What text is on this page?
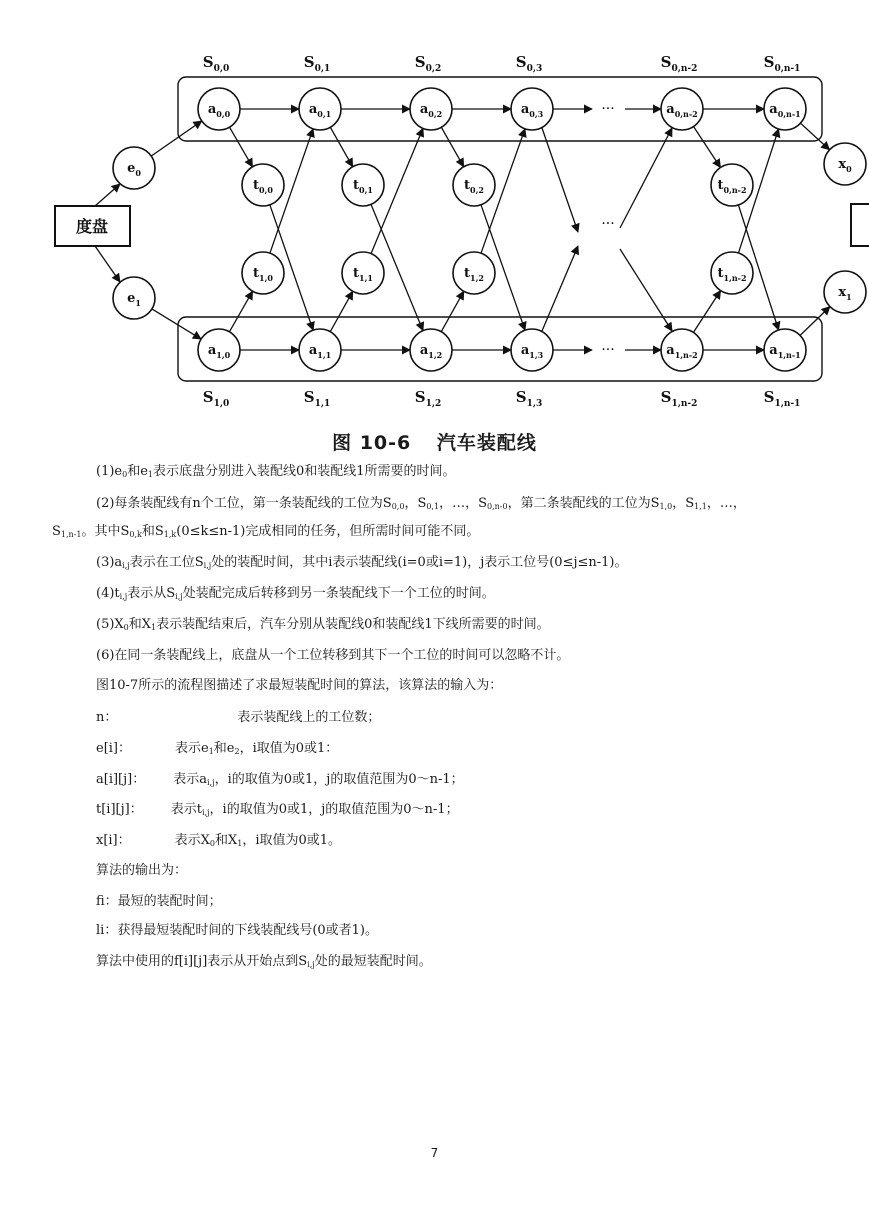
度盘
$a_{0,0}$	$a_{0,1}$	$a_{0,2}$	$a_{0,3}$	$a_{0,n-2}$	$a_{0,n-1}$
$a_{1,0}$	$a_{1,1}$	$a_{1,2}$	$a_{1,3}$	$a_{1,n-2}$	$a_{1,n-1}$
$t_{0,0}$	$t_{0,1}$	$t_{0,2}$	$t_{0,n-2}$
$t_{1,0}$	$t_{1,1}$	$t_{1,2}$	$t_{1,n-2}$
$e_0$
$e_1$
$x_0$
$x_1$
···
···
···
$S_{0,0}$	$S_{0,1}$	$S_{0,2}$	$S_{0,3}$	$S_{0,n-2}$	$S_{0,n-1}$
$S_{1,0}$	$S_{1,1}$	$S_{1,2}$	$S_{1,3}$	$S_{1,n-2}$	$S_{1,n-1}$
图 10-6 汽车装配线
$(1)e_0$和$e_1$表示底盘分别进入装配线0和装配线1所需要的时间。
(2)每条装配线有n个工位，第一条装配线的工位为$S_{0,0}$，$S_{0,1}$，…，$S_{0,n-0}$，第二条装配线的工位为$S_{1,0}$，$S_{1,1}$，…，
$S_{1,n-1}$。其中$S_{0,k}$和$S_{1,k}(0\le k\le n-1)$完成相同的任务，但所需时间可能不同。
$(3)a_{i,j}$表示在工位$S_{i,j}$处的装配时间，其中i表示装配线(i=0或i=1)，j表示工位号(0≤j≤n-1)。
$(4)t_{i,j}$表示从$S_{i,j}$处装配完成后转移到另一条装配线下一个工位的时间。
$(5)X_0$和$X_1$表示装配结束后，汽车分别从装配线0和装配线1下线所需要的时间。
(6)在同一条装配线上，底盘从一个工位转移到其下一个工位的时间可以忽略不计。
图10-7所示的流程图描述了求最短装配时间的算法，该算法的输入为：
n：	表示装配线上的工位数；
e[i]：	表示$e_1$和$e_2$，i取值为0或1：
a[i][j]： 表示$a_{i,j}$，i的取值为0或1，j的取值范围为0～n-1；
t[i][j]： 表示$t_{i,j}$，i的取值为0或1，j的取值范围为0～n-1；
x[i]：	表示$X_0$和$X_1$，i取值为0或1。
算法的输出为：
fi：最短的装配时间；
li：获得最短装配时间的下线装配线号(0或者1)。
算法中使用的f[i][j]表示从开始点到$S_{i,j}$处的最短装配时间。
7
